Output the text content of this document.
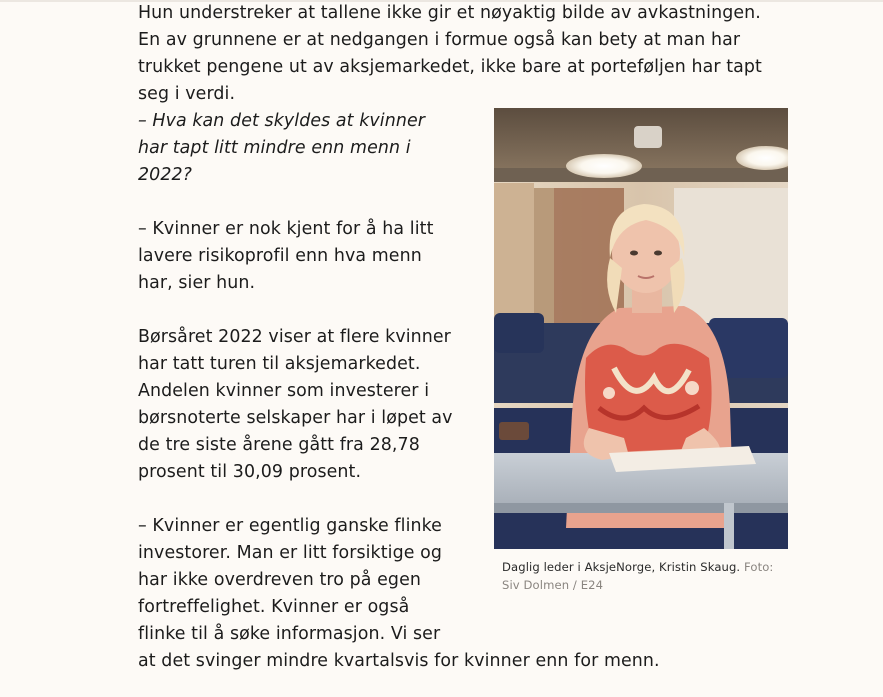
Hun understreker at tallene ikke gir et nøyaktig bilde av avkastningen. En av grunnene er at nedgangen i formue også kan bety at man har trukket pengene ut av aksjemarkedet, ikke bare at porteføljen har tapt seg i verdi.

– Hva kan det skyldes at kvinner har tapt litt mindre enn menn i 2022?

– Kvinner er nok kjent for å ha litt lavere risikoprofil enn hva menn har, sier hun.

Børsåret 2022 viser at flere kvinner har tatt turen til aksjemarkedet. Andelen kvinner som investerer i børsnoterte selskaper har i løpet av de tre siste årene gått fra 28,78 prosent til 30,09 prosent.

– Kvinner er egentlig ganske flinke investorer. Man er litt forsiktige og har ikke overdreven tro på egen fortreffelighet. Kvinner er også flinke til å søke informasjon. Vi ser

at det svinger mindre kvartalsvis for kvinner enn for menn.

Daglig leder i AksjeNorge, Kristin Skaug. Foto: Siv Dolmen / E24
